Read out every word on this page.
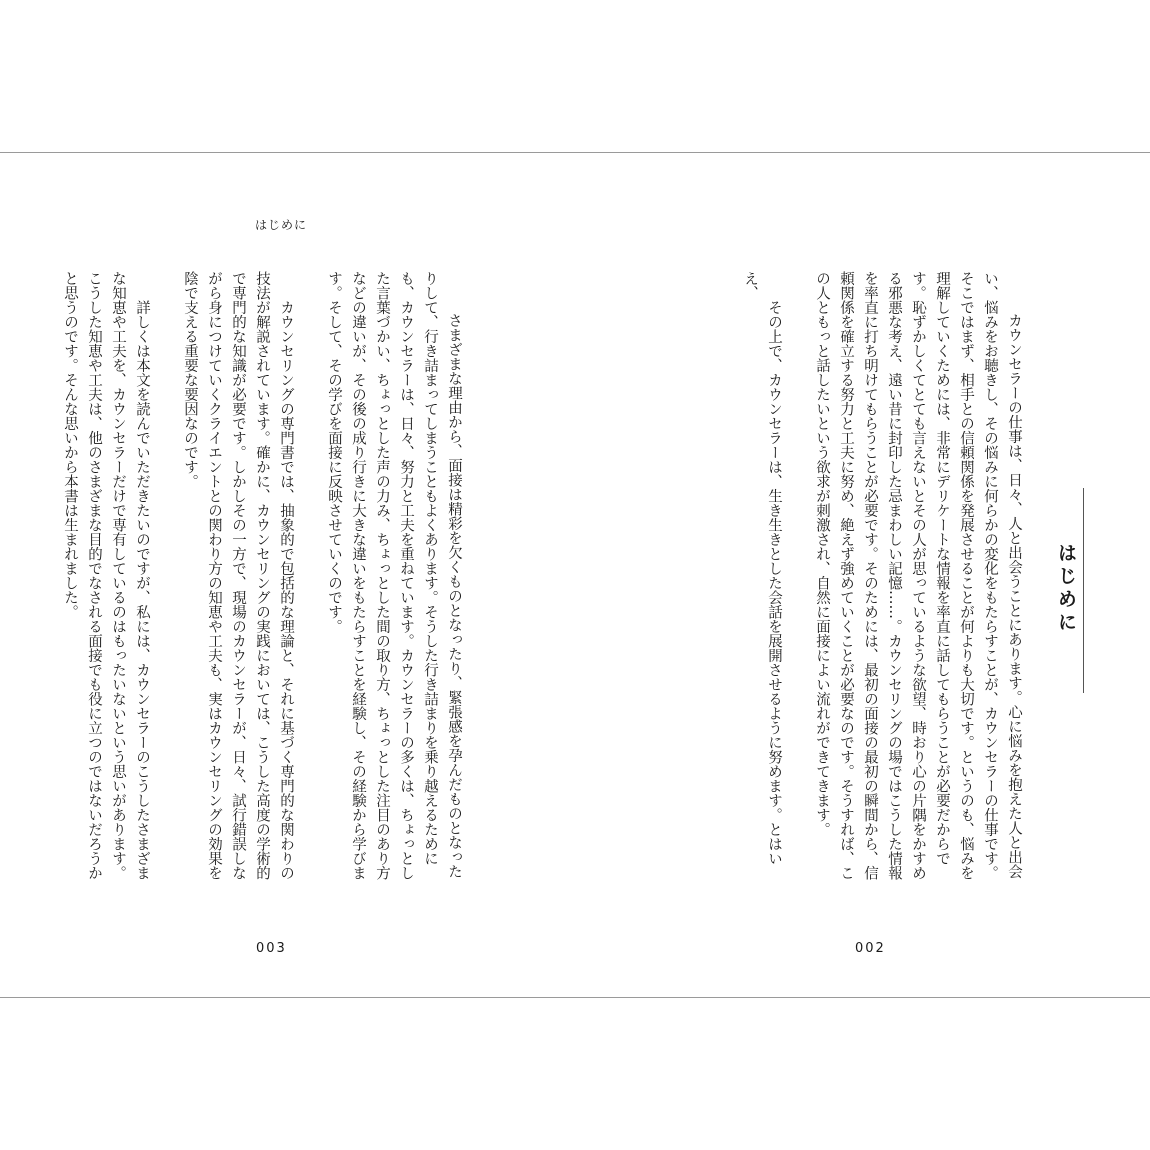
はじめに

　さまざまな理由から、面接は精彩を欠くものとなったり、緊張感を孕んだものとなったりして、行き詰まってしまうこともよくあります。そうした行き詰まりを乗り越えるためにも、カウンセラーは、日々、努力と工夫を重ねています。カウンセラーの多くは、ちょっとした言葉づかい、ちょっとした声の力み、ちょっとした間の取り方、ちょっとした注目のあり方などの違いが、その後の成り行きに大きな違いをもたらすことを経験し、その経験から学びます。そして、その学びを面接に反映させていくのです。

　　カウンセリングの専門書では、抽象的で包括的な理論と、それに基づく専門的な関わりの技法が解説されています。確かに、カウンセリングの実践においては、こうした高度の学術的で専門的な知識が必要です。しかしその一方で、現場のカウンセラーが、日々、試行錯誤しながら身につけていくクライエントとの関わり方の知恵や工夫も、実はカウンセリングの効果を陰で支える重要な要因なのです。

　　詳しくは本文を読んでいただきたいのですが、私には、カウンセラーのこうしたさまざまな知恵や工夫を、カウンセラーだけで専有しているのはもったいないという思いがあります。こうした知恵や工夫は、他のさまざまな目的でなされる面接でも役に立つのではないだろうかと思うのです。そんな思いから本書は生まれました。

003
はじめに

　カウンセラーの仕事は、日々、人と出会うことにあります。心に悩みを抱えた人と出会い、悩みをお聴きし、その悩みに何らかの変化をもたらすことが、カウンセラーの仕事です。そこではまず、相手との信頼関係を発展させることが何よりも大切です。というのも、悩みを理解していくためには、非常にデリケートな情報を率直に話してもらうことが必要だからです。恥ずかしくてとても言えないとその人が思っているような欲望、時おり心の片隅をかすめる邪悪な考え、遠い昔に封印した忌まわしい記憶……。カウンセリングの場ではこうした情報を率直に打ち明けてもらうことが必要です。そのためには、最初の面接の最初の瞬間から、信頼関係を確立する努力と工夫に努め、絶えず強めていくことが必要なのです。そうすれば、この人ともっと話したいという欲求が刺激され、自然に面接によい流れができてきます。

　　その上で、カウンセラーは、生き生きとした会話を展開させるように努めます。とはいえ、

002
